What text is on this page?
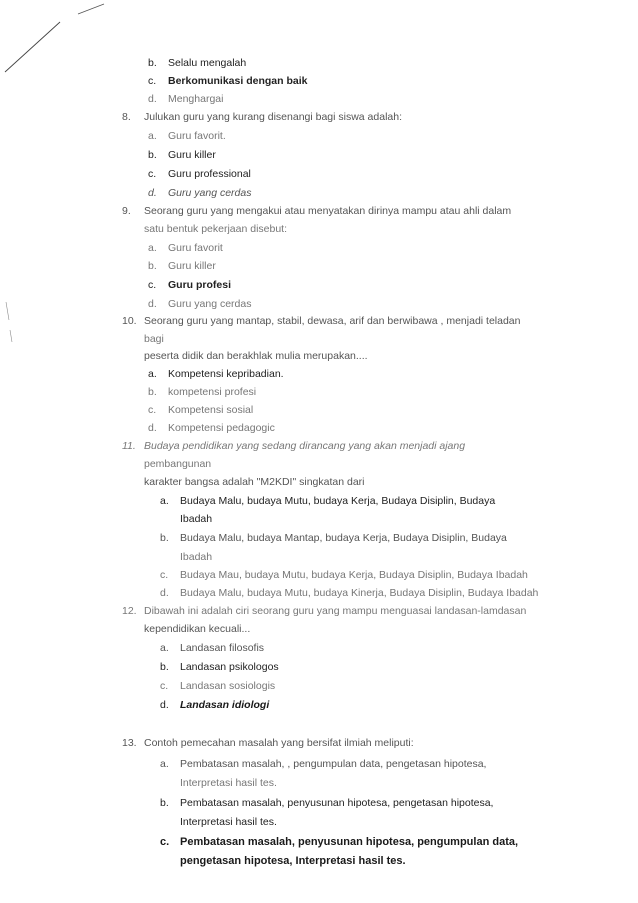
b. Selalu mengalah
c. Berkomunikasi dengan baik
d. Menghargai
8. Julukan guru yang kurang disenangi bagi siswa adalah:
a. Guru favorit.
b. Guru killer
c. Guru professional
d. Guru yang cerdas
9. Seorang guru yang mengakui atau menyatakan dirinya mampu atau ahli dalam
satu bentuk pekerjaan disebut:
a. Guru favorit
b. Guru killer
c. Guru profesi
d. Guru yang cerdas
10. Seorang guru yang mantap, stabil, dewasa, arif dan berwibawa , menjadi teladan
bagi
peserta didik dan berakhlak mulia merupakan....
a. Kompetensi kepribadian.
b. kompetensi profesi
c. Kompetensi sosial
d. Kompetensi pedagogic
11. Budaya pendidikan yang sedang dirancang yang akan menjadi ajang
pembangunan
karakter bangsa adalah "M2KDI" singkatan dari
a. Budaya Malu, budaya Mutu, budaya Kerja, Budaya Disiplin, Budaya
Ibadah
b. Budaya Malu, budaya Mantap, budaya Kerja, Budaya Disiplin, Budaya
Ibadah
c. Budaya Mau, budaya Mutu, budaya Kerja, Budaya Disiplin, Budaya Ibadah
d. Budaya Malu, budaya Mutu, budaya Kinerja, Budaya Disiplin, Budaya Ibadah
12. Dibawah ini adalah ciri seorang guru yang mampu menguasai landasan-lamdasan
kependidikan kecuali...
a. Landasan filosofis
b. Landasan psikologos
c. Landasan sosiologis
d. Landasan idiologi
13. Contoh pemecahan masalah yang bersifat ilmiah meliputi:
a. Pembatasan masalah, , pengumpulan data, pengetasan hipotesa,
Interpretasi hasil tes.
b. Pembatasan masalah, penyusunan hipotesa, pengetasan hipotesa,
Interpretasi hasil tes.
c. Pembatasan masalah, penyusunan hipotesa, pengumpulan data,
pengetasan hipotesa, Interpretasi hasil tes.
